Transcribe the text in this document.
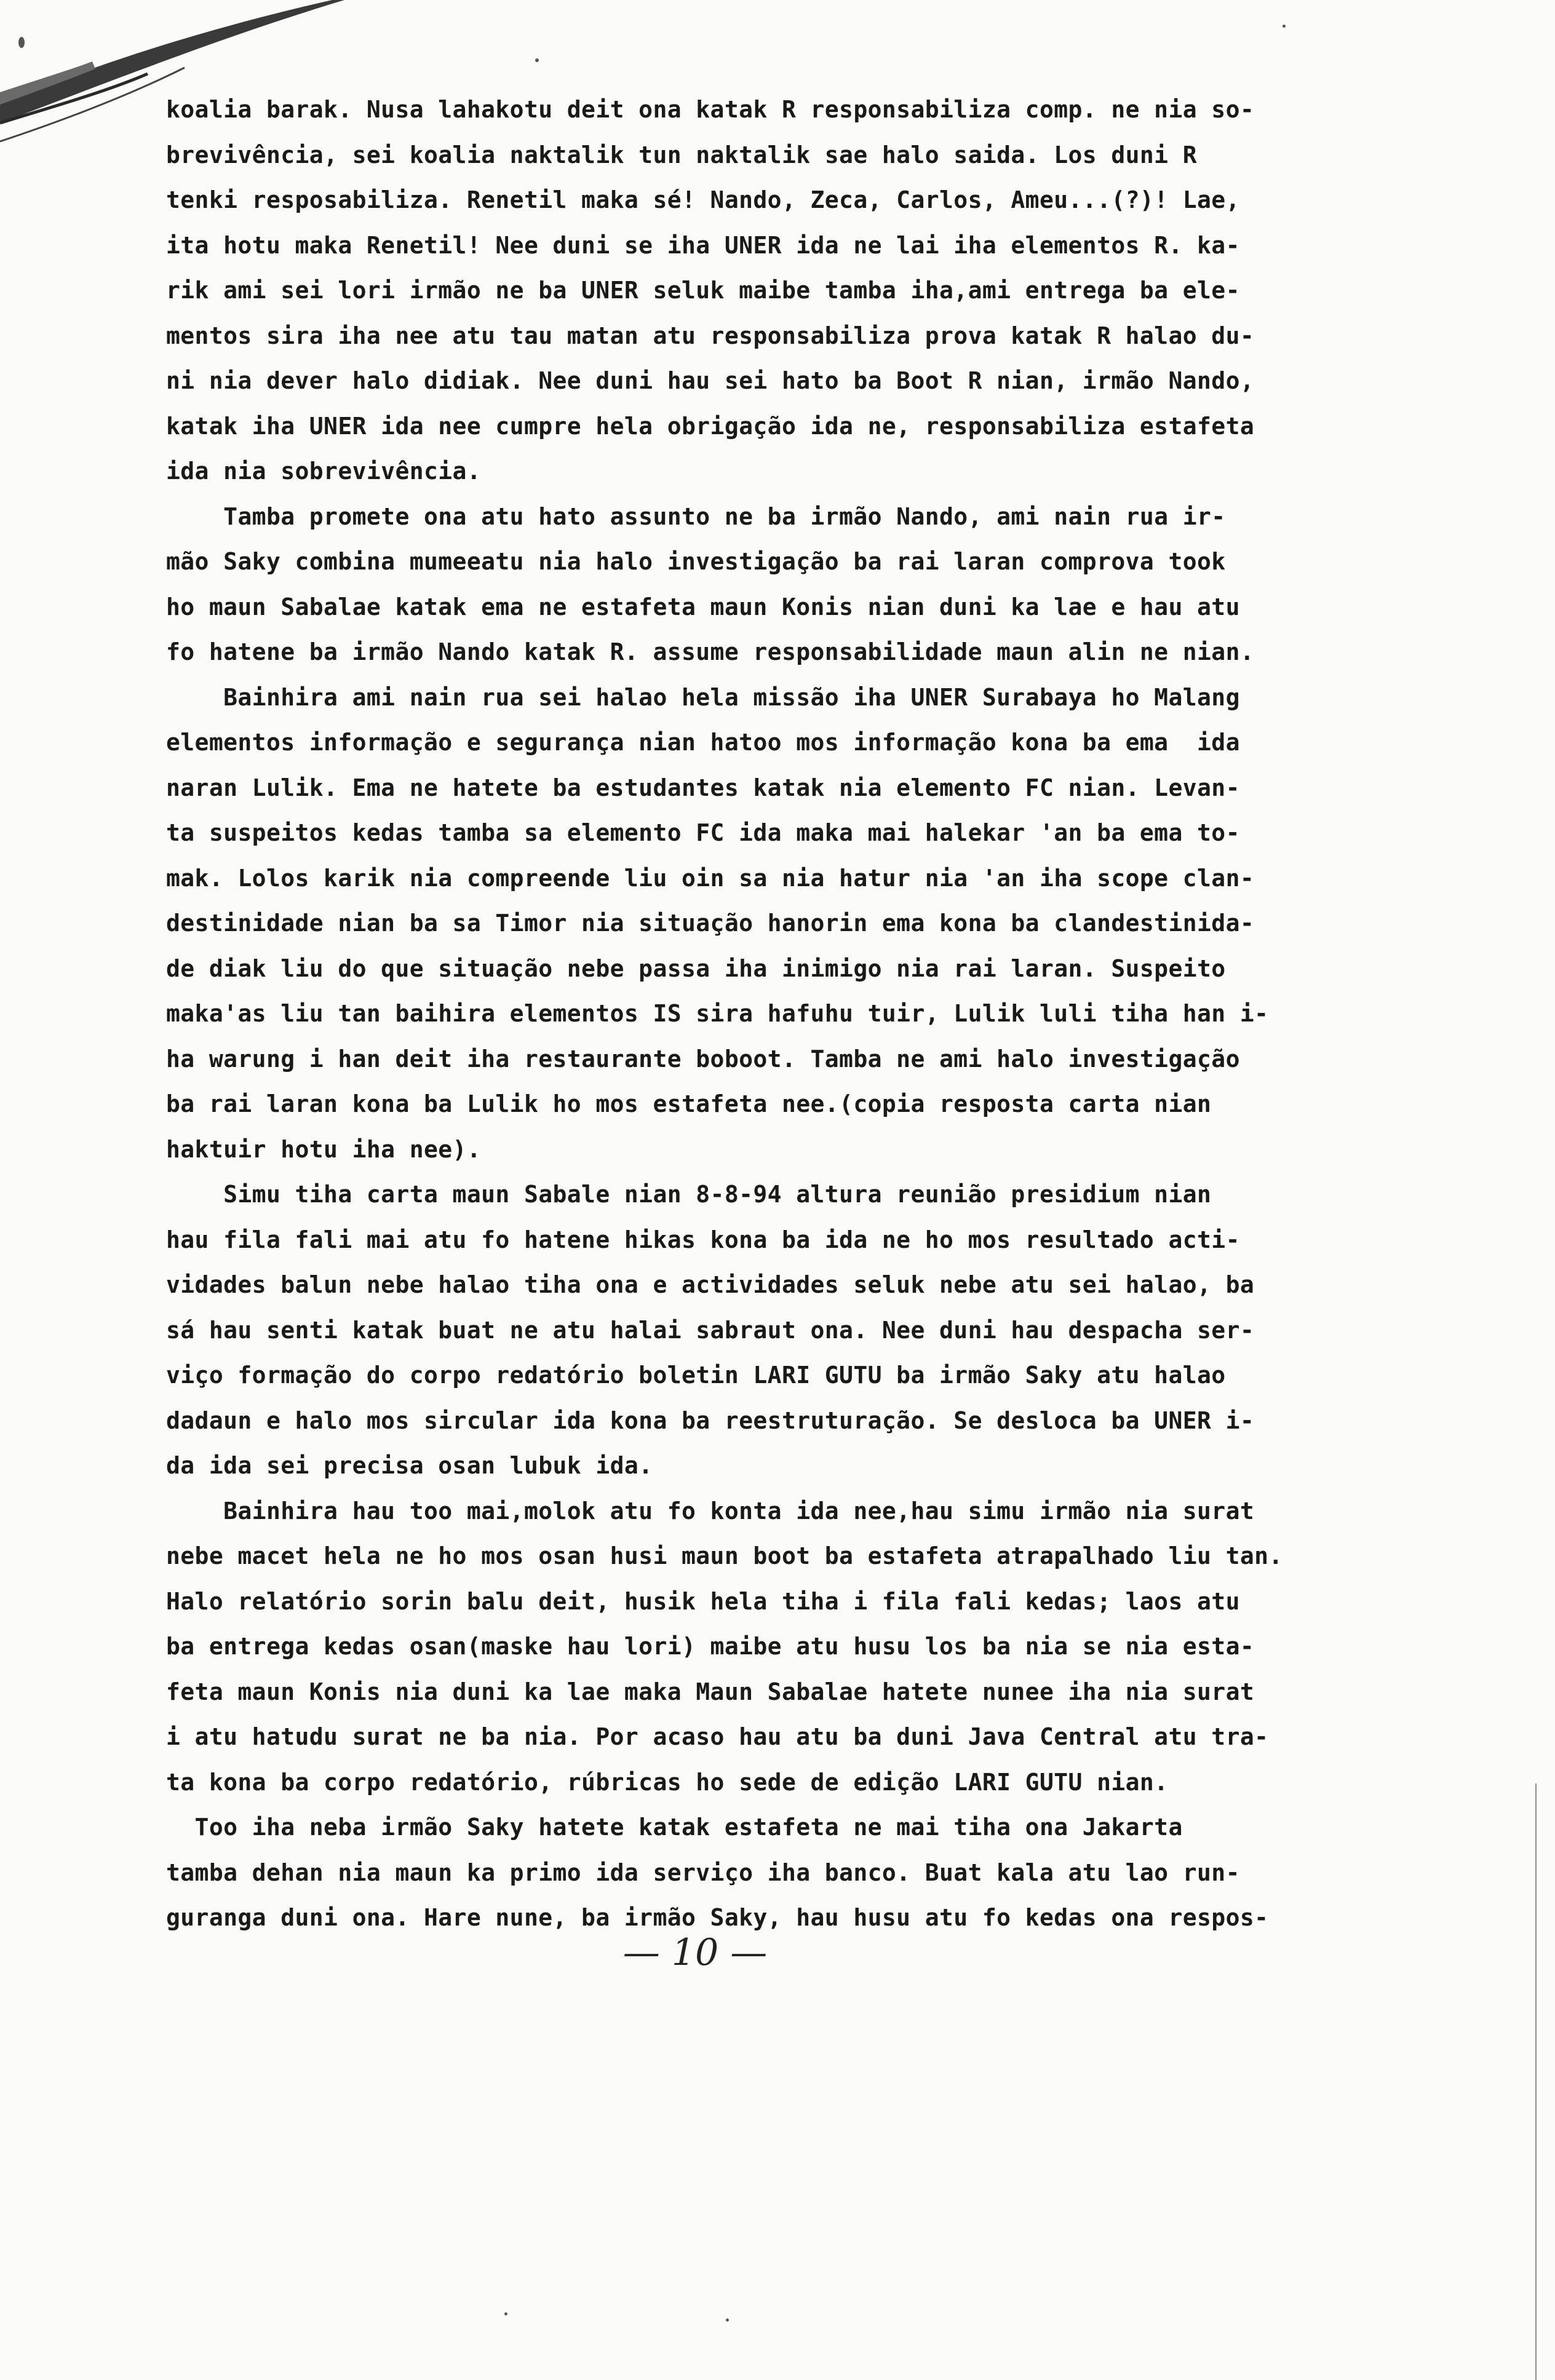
koalia barak. Nusa lahakotu deit ona katak R responsabiliza comp. ne nia so-
brevivência, sei koalia naktalik tun naktalik sae halo saida. Los duni R
tenki resposabiliza. Renetil maka sé! Nando, Zeca, Carlos, Ameu...(?)! Lae,
ita hotu maka Renetil! Nee duni se iha UNER ida ne lai iha elementos R. ka-
rik ami sei lori irmão ne ba UNER seluk maibe tamba iha,ami entrega ba ele-
mentos sira iha nee atu tau matan atu responsabiliza prova katak R halao du-
ni nia dever halo didiak. Nee duni hau sei hato ba Boot R nian, irmão Nando,
katak iha UNER ida nee cumpre hela obrigação ida ne, responsabiliza estafeta
ida nia sobrevivência.
Tamba promete ona atu hato assunto ne ba irmão Nando, ami nain rua ir-
mão Saky combina mumeeatu nia halo investigação ba rai laran comprova took
ho maun Sabalae katak ema ne estafeta maun Konis nian duni ka lae e hau atu
fo hatene ba irmão Nando katak R. assume responsabilidade maun alin ne nian.
Bainhira ami nain rua sei halao hela missão iha UNER Surabaya ho Malang
elementos informação e segurança nian hatoo mos informação kona ba ema  ida
naran Lulik. Ema ne hatete ba estudantes katak nia elemento FC nian. Levan-
ta suspeitos kedas tamba sa elemento FC ida maka mai halekar 'an ba ema to-
mak. Lolos karik nia compreende liu oin sa nia hatur nia 'an iha scope clan-
destinidade nian ba sa Timor nia situação hanorin ema kona ba clandestinida-
de diak liu do que situação nebe passa iha inimigo nia rai laran. Suspeito
maka'as liu tan baihira elementos IS sira hafuhu tuir, Lulik luli tiha han i-
ha warung i han deit iha restaurante boboot. Tamba ne ami halo investigação
ba rai laran kona ba Lulik ho mos estafeta nee.(copia resposta carta nian
haktuir hotu iha nee).
Simu tiha carta maun Sabale nian 8-8-94 altura reunião presidium nian
hau fila fali mai atu fo hatene hikas kona ba ida ne ho mos resultado acti-
vidades balun nebe halao tiha ona e actividades seluk nebe atu sei halao, ba
sá hau senti katak buat ne atu halai sabraut ona. Nee duni hau despacha ser-
viço formação do corpo redatório boletin LARI GUTU ba irmão Saky atu halao
dadaun e halo mos sircular ida kona ba reestruturação. Se desloca ba UNER i-
da ida sei precisa osan lubuk ida.
Bainhira hau too mai,molok atu fo konta ida nee,hau simu irmão nia surat
nebe macet hela ne ho mos osan husi maun boot ba estafeta atrapalhado liu tan.
Halo relatório sorin balu deit, husik hela tiha i fila fali kedas; laos atu
ba entrega kedas osan(maske hau lori) maibe atu husu los ba nia se nia esta-
feta maun Konis nia duni ka lae maka Maun Sabalae hatete nunee iha nia surat
i atu hatudu surat ne ba nia. Por acaso hau atu ba duni Java Central atu tra-
ta kona ba corpo redatório, rúbricas ho sede de edição LARI GUTU nian.
Too iha neba irmão Saky hatete katak estafeta ne mai tiha ona Jakarta
tamba dehan nia maun ka primo ida serviço iha banco. Buat kala atu lao run-
guranga duni ona. Hare nune, ba irmão Saky, hau husu atu fo kedas ona respos-
— 10 —
